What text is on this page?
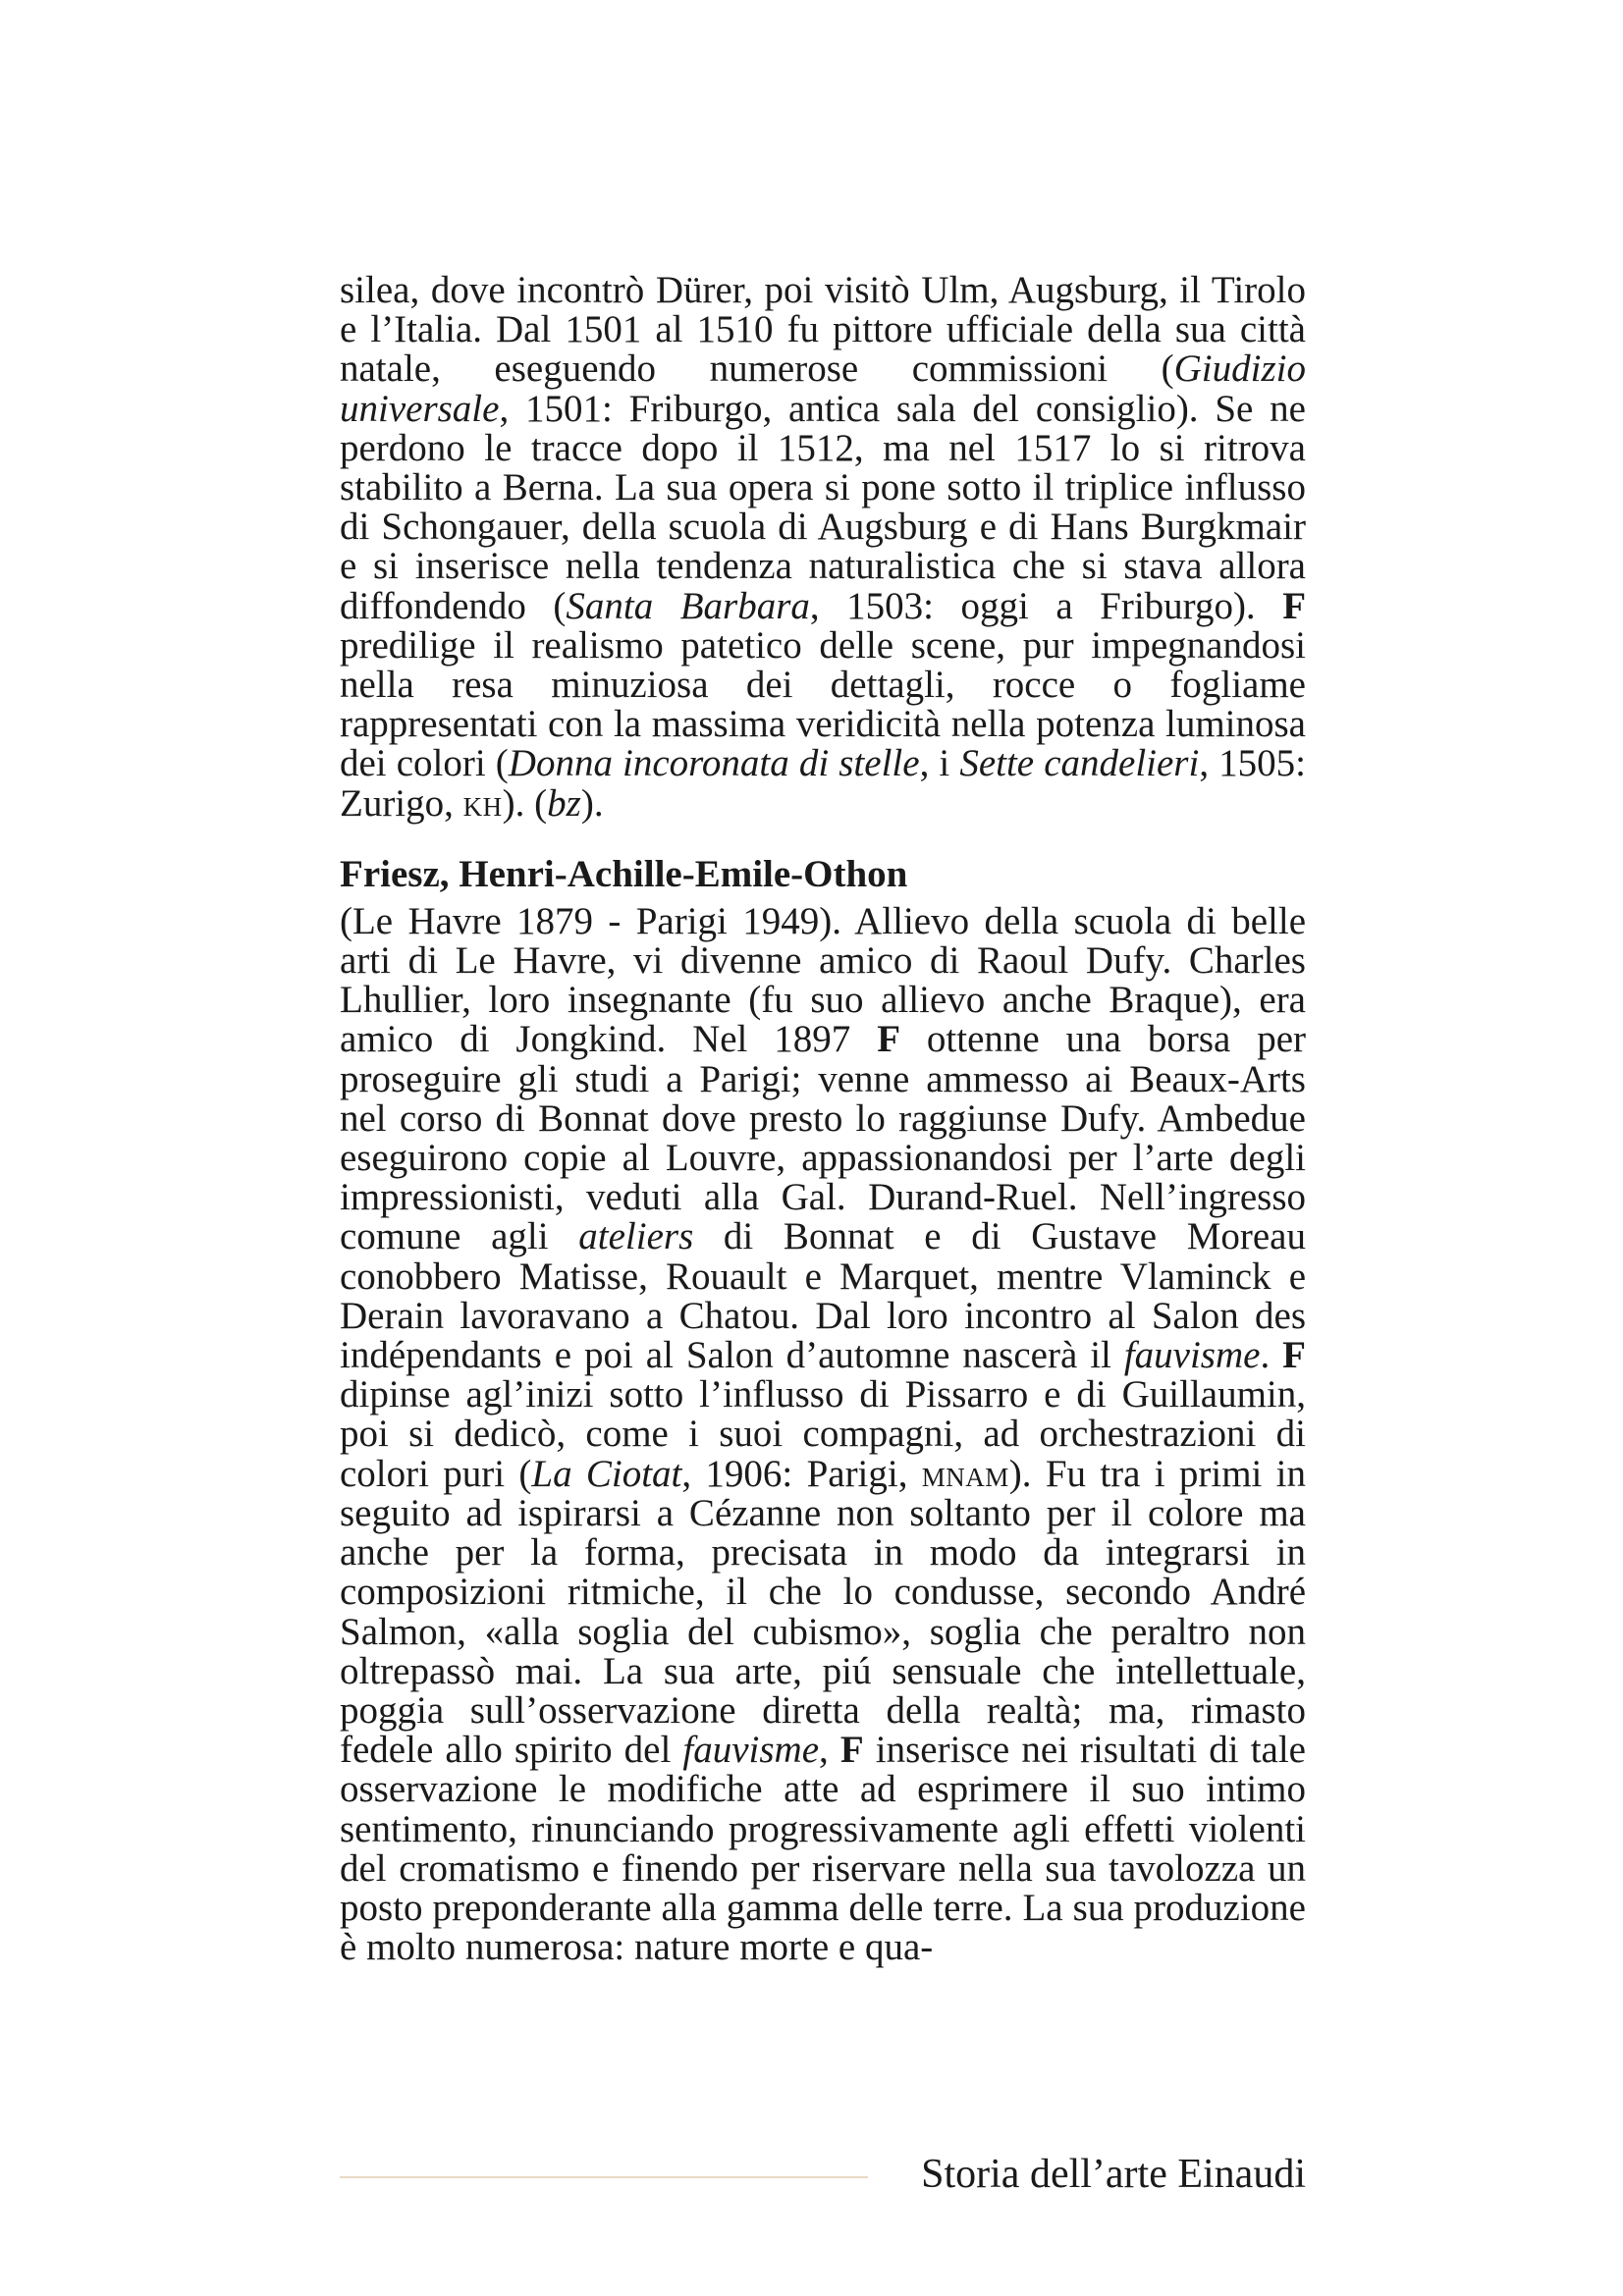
silea, dove incontrò Dürer, poi visitò Ulm, Augsburg, il Tirolo e l’Italia. Dal 1501 al 1510 fu pittore ufficiale della sua città natale, eseguendo numerose commissioni (Giudizio universale, 1501: Friburgo, antica sala del consiglio). Se ne perdono le tracce dopo il 1512, ma nel 1517 lo si ritrova stabilito a Berna. La sua opera si pone sotto il triplice influsso di Schongauer, della scuola di Augsburg e di Hans Burgkmair e si inserisce nella tendenza naturalistica che si stava allora diffondendo (Santa Barbara, 1503: oggi a Friburgo). F predilige il realismo patetico delle scene, pur impegnandosi nella resa minuziosa dei dettagli, rocce o fogliame rappresentati con la massima veridicità nella potenza luminosa dei colori (Donna incoronata di stelle, i Sette candelieri, 1505: Zurigo, kh). (bz).

Friesz, Henri-Achille-Emile-Othon

(Le Havre 1879 - Parigi 1949). Allievo della scuola di belle arti di Le Havre, vi divenne amico di Raoul Dufy. Charles Lhullier, loro insegnante (fu suo allievo anche Braque), era amico di Jongkind. Nel 1897 F ottenne una borsa per proseguire gli studi a Parigi; venne ammesso ai Beaux-Arts nel corso di Bonnat dove presto lo raggiunse Dufy. Ambedue eseguirono copie al Louvre, appassionandosi per l’arte degli impressionisti, veduti alla Gal. Durand-Ruel. Nell’ingresso comune agli ateliers di Bonnat e di Gustave Moreau conobbero Matisse, Rouault e Marquet, mentre Vlaminck e Derain lavoravano a Chatou. Dal loro incontro al Salon des indépendants e poi al Salon d’automne nascerà il fauvisme. F dipinse agl’inizi sotto l’influsso di Pissarro e di Guillaumin, poi si dedicò, come i suoi compagni, ad orchestrazioni di colori puri (La Ciotat, 1906: Parigi, mnam). Fu tra i primi in seguito ad ispirarsi a Cézanne non soltanto per il colore ma anche per la forma, precisata in modo da integrarsi in composizioni ritmiche, il che lo condusse, secondo André Salmon, «alla soglia del cubismo», soglia che peraltro non oltrepassò mai. La sua arte, piú sensuale che intellettuale, poggia sull’osservazione diretta della realtà; ma, rimasto fedele allo spirito del fauvisme, F inserisce nei risultati di tale osservazione le modifiche atte ad esprimere il suo intimo sentimento, rinunciando progressivamente agli effetti violenti del cromatismo e finendo per riservare nella sua tavolozza un posto preponderante alla gamma delle terre. La sua produzione è molto numerosa: nature morte e qua-

Storia dell’arte Einaudi
